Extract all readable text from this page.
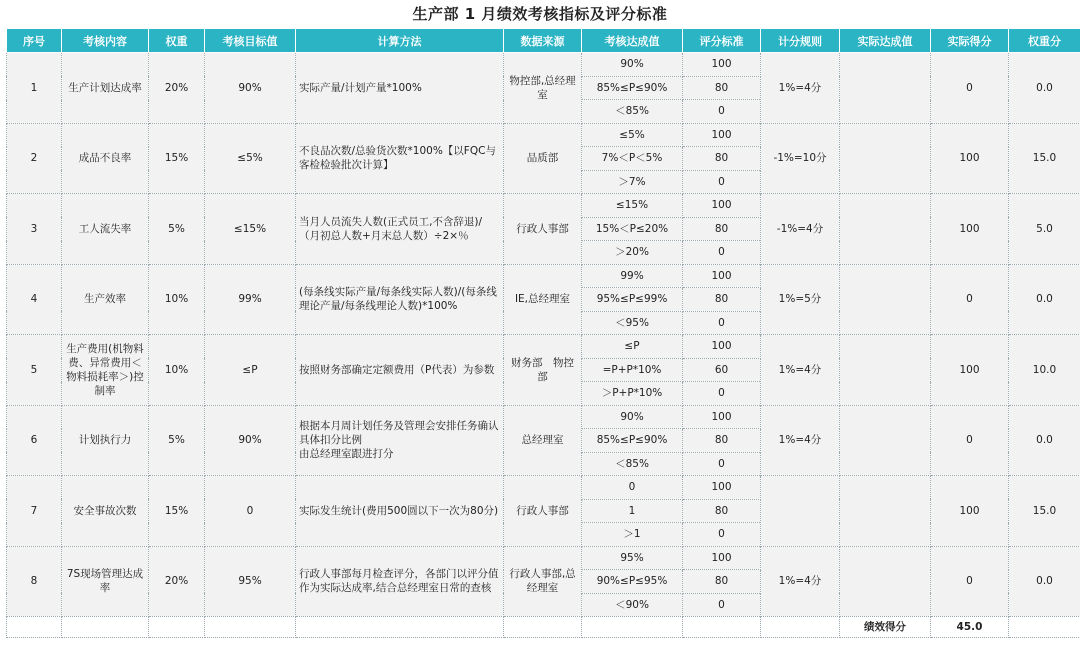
生产部 1 月绩效考核指标及评分标准
序号	考核内容	权重	考核目标值	计算方法	数据来源	考核达成值	评分标准	计分规则	实际达成值	实际得分	权重分
1	生产计划达成率	20%	90%	实际产量/计划产量*100%	物控部,总经理室	90%	100	1%=4分		0	0.0
						85%≤P≤90%	80				
						＜85%	0				
2	成品不良率	15%	≤5%	不良品次数/总验货次数*100%【以FQC与客检检验批次计算】	品质部	≤5%	100	-1%=10分		100	15.0
						7%＜P＜5%	80				
						＞7%	0				
3	工人流失率	5%	≤15%	当月人员流失人数(正式员工,不含辞退)/（月初总人数+月末总人数）÷2×％	行政人事部	≤15%	100	-1%=4分		100	5.0
						15%＜P≤20%	80				
						＞20%	0				
4	生产效率	10%	99%	(每条线实际产量/每条线实际人数)/(每条线理论产量/每条线理论人数)*100%	IE,总经理室	99%	100	1%=5分		0	0.0
						95%≤P≤99%	80				
						＜95%	0				
5	生产费用(机物料费、异常费用＜物料损耗率＞)控制率	10%	≤P	按照财务部确定定额费用（P代表）为参数	财务部　物控部	≤P	100	1%=4分		100	10.0
						=P+P*10%	60				
						＞P+P*10%	0				
6	计划执行力	5%	90%	根据本月周计划任务及管理会安排任务确认具体扣分比例
由总经理室跟进打分	总经理室	90%	100	1%=4分		0	0.0
						85%≤P≤90%	80				
						＜85%	0				
7	安全事故次数	15%	0	实际发生统计(费用500圆以下一次为80分)	行政人事部	0	100			100	15.0
						1	80				
						＞1	0				
8	7S现场管理达成率	20%	95%	行政人事部每月检查评分，各部门以评分值作为实际达成率,结合总经理室日常的查核	行政人事部,总经理室	95%	100	1%=4分		0	0.0
						90%≤P≤95%	80				
						＜90%	0				
									绩效得分	45.0	
